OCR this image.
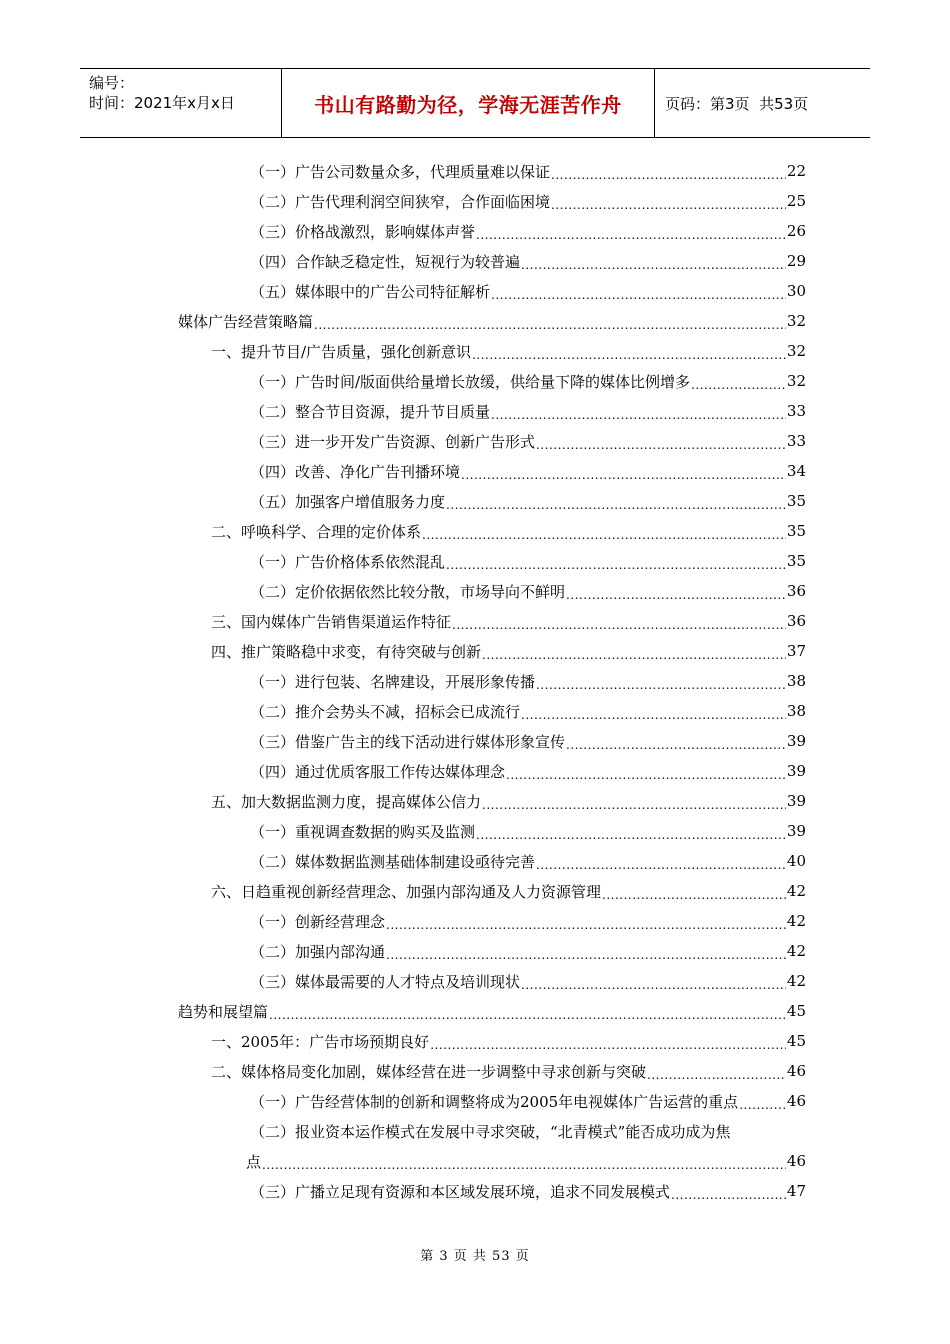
编号：
时间：2021年x月x日	书山有路勤为径，学海无涯苦作舟	页码：第3页  共53页
（一）广告公司数量众多，代理质量难以保证 .....	22
（二）广告代理利润空间狭窄，合作面临困境 .....	25
（三）价格战激烈，影响媒体声誉 .....	26
（四）合作缺乏稳定性，短视行为较普遍 .....	29
（五）媒体眼中的广告公司特征解析 .....	30
媒体广告经营策略篇 .....	32
一、提升节目/广告质量，强化创新意识 .....	32
（一）广告时间/版面供给量增长放缓，供给量下降的媒体比例增多 .....	32
（二）整合节目资源，提升节目质量 .....	33
（三）进一步开发广告资源、创新广告形式 .....	33
（四）改善、净化广告刊播环境 .....	34
（五）加强客户增值服务力度 .....	35
二、呼唤科学、合理的定价体系 .....	35
（一）广告价格体系依然混乱 .....	35
（二）定价依据依然比较分散，市场导向不鲜明 .....	36
三、国内媒体广告销售渠道运作特征 .....	36
四、推广策略稳中求变，有待突破与创新 .....	37
（一）进行包装、名牌建设，开展形象传播 .....	38
（二）推介会势头不减，招标会已成流行 .....	38
（三）借鉴广告主的线下活动进行媒体形象宣传 .....	39
（四）通过优质客服工作传达媒体理念 .....	39
五、加大数据监测力度，提高媒体公信力 .....	39
（一）重视调查数据的购买及监测 .....	39
（二）媒体数据监测基础体制建设亟待完善 .....	40
六、日趋重视创新经营理念、加强内部沟通及人力资源管理 .....	42
（一）创新经营理念 .....	42
（二）加强内部沟通 .....	42
（三）媒体最需要的人才特点及培训现状 .....	42
趋势和展望篇 .....	45
一、2005年：广告市场预期良好 .....	45
二、媒体格局变化加剧，媒体经营在进一步调整中寻求创新与突破 .....	46
（一）广告经营体制的创新和调整将成为2005年电视媒体广告运营的重点 .....	46
（二）报业资本运作模式在发展中寻求突破，“北青模式”能否成功成为焦
点 .....	46
（三）广播立足现有资源和本区域发展环境，追求不同发展模式 .....	47
第 3 页 共 53 页
